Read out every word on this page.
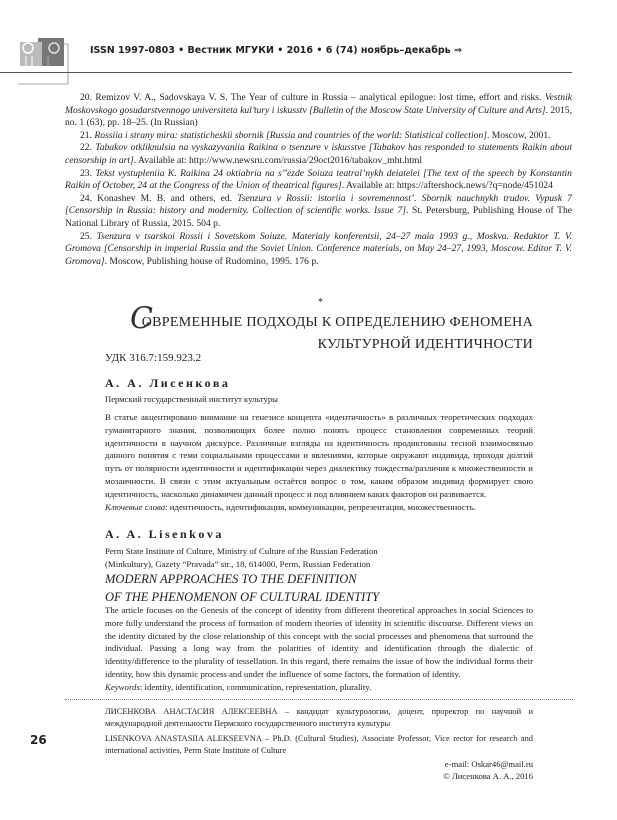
ISSN 1997-0803 • Вестник МГУКИ • 2016 • 6 (74) ноябрь–декабрь ⇒

20. Remizov V. A., Sadovskaya V. S. The Year of culture in Russia – analytical epilogue: lost time, effort and risks. Vestnik Moskovskogo gosudarstvennogo universiteta kul’tury i iskusstv [Bulletin of the Moscow State University of Culture and Arts]. 2015, no. 1 (63), pp. 18–25. (In Russian)

21. Rossiia i strany mira: statisticheskii sbornik [Russia and countries of the world: Statistical collection]. Moscow, 2001.

22. Tabakov otkliknulsia na vyskazyvaniia Raikina o tsenzure v iskusstve [Tabakov has responded to statements Raikin about censorship in art]. Available at: http://www.newsru.com/russia/29oct2016/tabakov_mht.html

23. Tekst vystupleniia K. Raikina 24 oktiabria na s’’ezde Soiuza teatral’nykh deiatelei [The text of the speech by Konstantin Raikin of October, 24 at the Congress of the Union of theatrical figures]. Available at: https://aftershock.news/?q=node/451024

24. Konashev M. B. and others, ed. Tsenzura v Rossii: istoriia i sovremennost’. Sbornik nauchnykh trudov. Vypusk 7 [Censorship in Russia: history and modernity. Collection of scientific works. Issue 7]. St. Petersburg, Publishing House of The National Library of Russia, 2015. 504 p.

25. Tsenzura v tsarskoi Rossii i Sovetskom Soiuze. Materialy konferentsii, 24–27 maia 1993 g., Moskva. Redaktor T. V. Gromova [Censorship in imperial Russia and the Soviet Union. Conference materials, on May 24–27, 1993, Moscow. Editor T. V. Gromova]. Moscow, Publishing house of Rudomino, 1995. 176 p.

*
С
ОВРЕМЕННЫЕ ПОДХОДЫ К ОПРЕДЕЛЕНИЮ ФЕНОМЕНА
КУЛЬТУРНОЙ ИДЕНТИЧНОСТИ
УДК 316.7:159.923.2
А. А. Лисенкова
Пермский государственный институт культуры

В статье акцентировано внимание на генезисе концепта «идентичность» в различных теоретических подходах гуманитарного знания, позволяющих более полно понять процесс становления современных теорий идентичности в научном дискурсе. Различные взгляды на идентичность продиктованы тесной взаимосвязью данного понятия с теми социальными процессами и явлениями, которые окружают индивида, проходя долгий путь от полярности идентичности и идентификации через диалектику тождества/различия к множественности и мозаичности. В связи с этим актуальным остаётся вопрос о том, каким образом индивид формирует свою идентичность, насколько динамичен данный процесс и под влиянием каких факторов он развивается.

Ключевые слова: идентичность, идентификация, коммуникации, репрезентация, множественность.

A. A. Lisenkova
Perm State Institute of Culture, Ministry of Culture of the Russian Federation
(Minkultury), Gazety “Pravada” str., 18, 614000, Perm, Russian Federation
MODERN APPROACHES TO THE DEFINITION
OF THE PHENOMENON OF CULTURAL IDENTITY

The article focuses on the Genesis of the concept of identity from different theoretical approaches in social Sciences to more fully understand the process of formation of modern theories of identity in scientific discourse. Different views on the identity dictated by the close relationship of this concept with the social processes and phenomena that surround the individual. Passing a long way from the polarities of identity and identification through the dialectic of identity/difference to the plurality of tessellation. In this regard, there remains the issue of how the individual forms their identity, how this dynamic process and under the influence of some factors, the formation of identity.

Keywords: identity, identification, communication, representation, plurality.

ЛИСЕНКОВА АНАСТАСИЯ АЛЕКСЕЕВНА – кандидат культурологии, доцент, проректор по научной и международной деятельности Пермского государственного института культуры

LISENKOVA ANASTASIIA ALEKSEEVNA – Ph.D. (Cultural Studies), Associate Professor, Vice rector for research and international activities, Perm State Institute of Culture

26
e-mail: Oskar46@mail.ru
© Лисенкова А. А., 2016
